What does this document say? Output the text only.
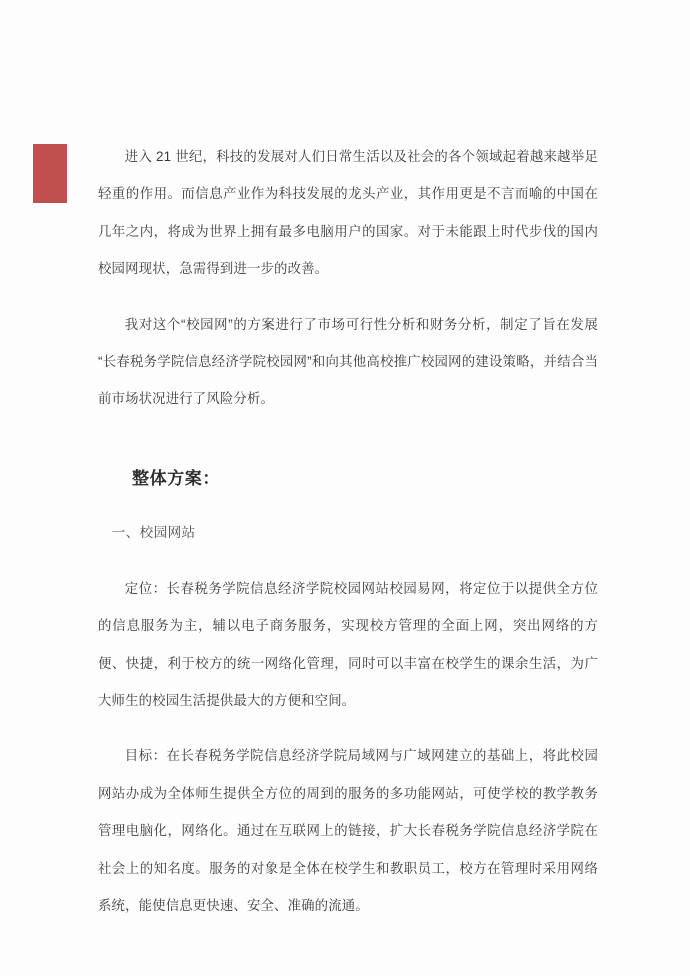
进入 21 世纪，科技的发展对人们日常生活以及社会的各个领域起着越来越举足轻重的作用。而信息产业作为科技发展的龙头产业，其作用更是不言而喻的中国在几年之内，将成为世界上拥有最多电脑用户的国家。对于未能跟上时代步伐的国内校园网现状，急需得到进一步的改善。

我对这个“校园网”的方案进行了市场可行性分析和财务分析，制定了旨在发展“长春税务学院信息经济学院校园网”和向其他高校推广校园网的建设策略，并结合当前市场状况进行了风险分析。

整体方案：
一、校园网站

定位：长春税务学院信息经济学院校园网站校园易网，将定位于以提供全方位的信息服务为主，辅以电子商务服务，实现校方管理的全面上网，突出网络的方便、快捷，利于校方的统一网络化管理，同时可以丰富在校学生的课余生活，为广大师生的校园生活提供最大的方便和空间。

目标：在长春税务学院信息经济学院局域网与广域网建立的基础上，将此校园网站办成为全体师生提供全方位的周到的服务的多功能网站，可使学校的教学教务管理电脑化，网络化。通过在互联网上的链接，扩大长春税务学院信息经济学院在社会上的知名度。服务的对象是全体在校学生和教职员工，校方在管理时采用网络系统，能使信息更快速、安全、准确的流通。
